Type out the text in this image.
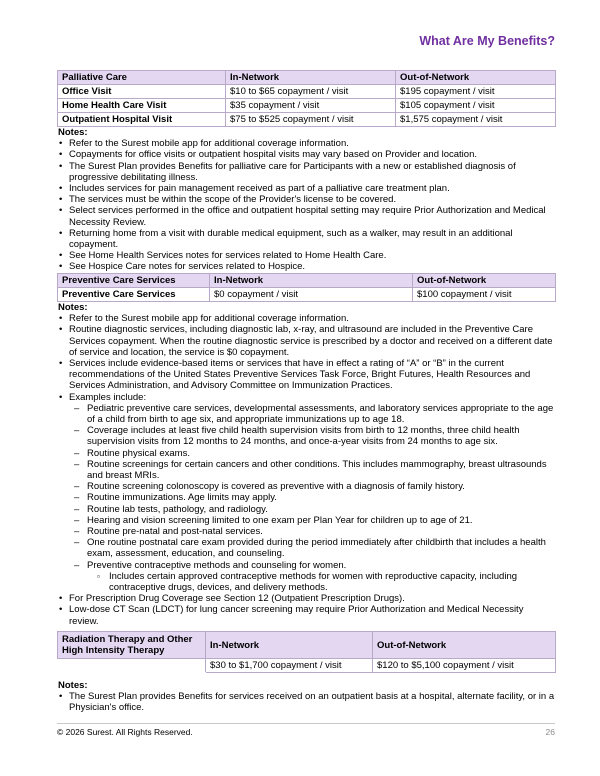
What Are My Benefits?
Palliative Care	In-Network	Out-of-Network
Office Visit	$10 to $65 copayment / visit	$195 copayment / visit
Home Health Care Visit	$35 copayment / visit	$105 copayment / visit
Outpatient Hospital Visit	$75 to $525 copayment / visit	$1,575 copayment / visit
Notes:
• Refer to the Surest mobile app for additional coverage information.
• Copayments for office visits or outpatient hospital visits may vary based on Provider and location.
• The Surest Plan provides Benefits for palliative care for Participants with a new or established diagnosis of progressive debilitating illness.
• Includes services for pain management received as part of a palliative care treatment plan.
• The services must be within the scope of the Provider's license to be covered.
• Select services performed in the office and outpatient hospital setting may require Prior Authorization and Medical Necessity Review.
• Returning home from a visit with durable medical equipment, such as a walker, may result in an additional copayment.
• See Home Health Services notes for services related to Home Health Care.
• See Hospice Care notes for services related to Hospice.
Preventive Care Services	In-Network	Out-of-Network
Preventive Care Services	$0 copayment / visit	$100 copayment / visit
Notes:
• Refer to the Surest mobile app for additional coverage information.
• Routine diagnostic services, including diagnostic lab, x-ray, and ultrasound are included in the Preventive Care Services copayment. When the routine diagnostic service is prescribed by a doctor and received on a different date of service and location, the service is $0 copayment.
• Services include evidence-based items or services that have in effect a rating of “A” or “B” in the current recommendations of the United States Preventive Services Task Force, Bright Futures, Health Resources and Services Administration, and Advisory Committee on Immunization Practices.
• Examples include:
– Pediatric preventive care services, developmental assessments, and laboratory services appropriate to the age of a child from birth to age six, and appropriate immunizations up to age 18.
– Coverage includes at least five child health supervision visits from birth to 12 months, three child health supervision visits from 12 months to 24 months, and once-a-year visits from 24 months to age six.
– Routine physical exams.
– Routine screenings for certain cancers and other conditions. This includes mammography, breast ultrasounds and breast MRIs.
– Routine screening colonoscopy is covered as preventive with a diagnosis of family history.
– Routine immunizations. Age limits may apply.
– Routine lab tests, pathology, and radiology.
– Hearing and vision screening limited to one exam per Plan Year for children up to age of 21.
– Routine pre-natal and post-natal services.
– One routine postnatal care exam provided during the period immediately after childbirth that includes a health exam, assessment, education, and counseling.
– Preventive contraceptive methods and counseling for women.
▫ Includes certain approved contraceptive methods for women with reproductive capacity, including contraceptive drugs, devices, and delivery methods.
• For Prescription Drug Coverage see Section 12 (Outpatient Prescription Drugs).
• Low-dose CT Scan (LDCT) for lung cancer screening may require Prior Authorization and Medical Necessity review.
Radiation Therapy and Other High Intensity Therapy	In-Network	Out-of-Network
	$30 to $1,700 copayment / visit	$120 to $5,100 copayment / visit
Notes:
• The Surest Plan provides Benefits for services received on an outpatient basis at a hospital, alternate facility, or in a Physician's office.
© 2026 Surest. All Rights Reserved.	26
